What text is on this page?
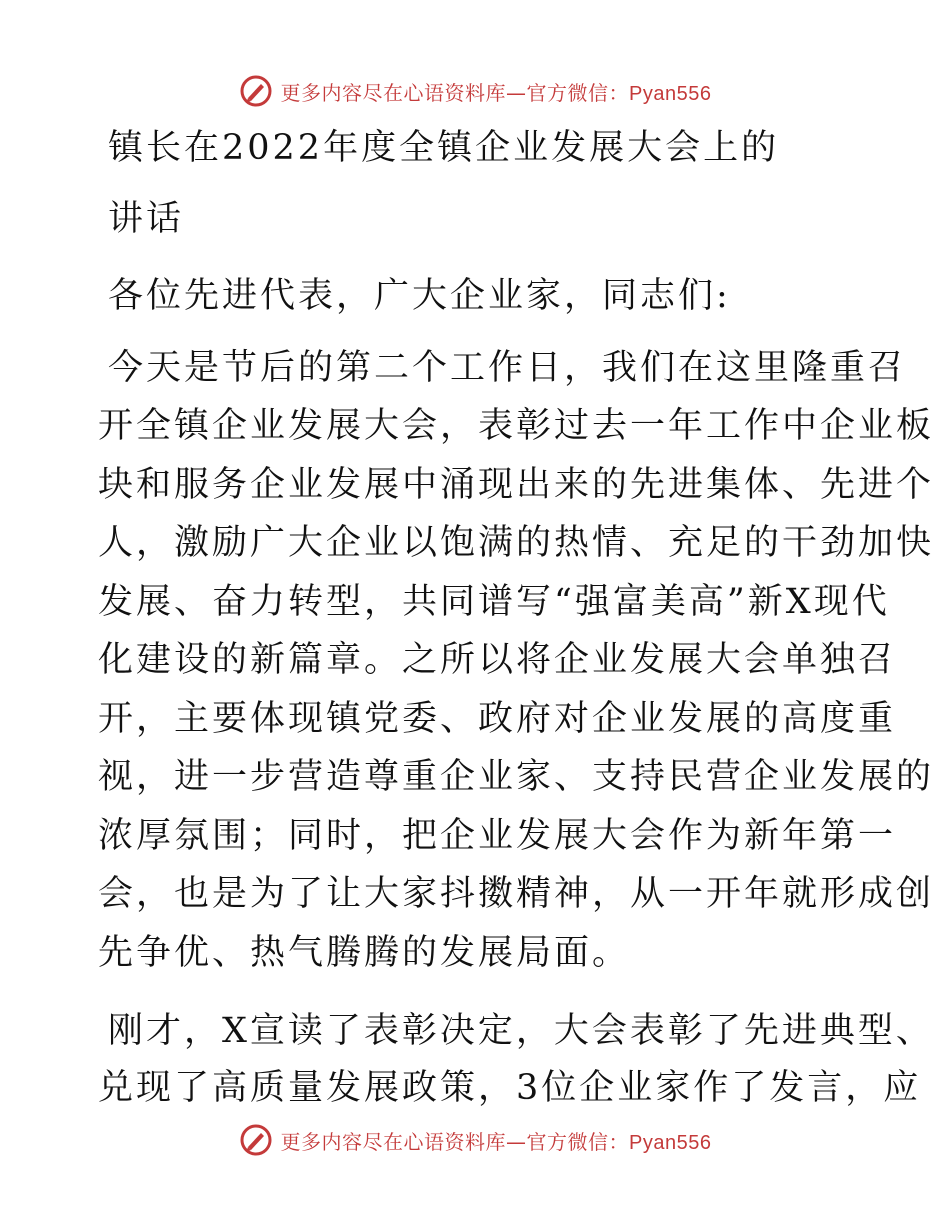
更多内容尽在心语资料库—官方微信：Pyan556
镇长在2022年度全镇企业发展大会上的
讲话
各位先进代表，广大企业家，同志们:
今天是节后的第二个工作日，我们在这里隆重召
开全镇企业发展大会，表彰过去一年工作中企业板
块和服务企业发展中涌现出来的先进集体、先进个
人，激励广大企业以饱满的热情、充足的干劲加快
发展、奋力转型，共同谱写“强富美高”新X现代
化建设的新篇章。之所以将企业发展大会单独召
开，主要体现镇党委、政府对企业发展的高度重
视，进一步营造尊重企业家、支持民营企业发展的
浓厚氛围；同时，把企业发展大会作为新年第一
会，也是为了让大家抖擞精神，从一开年就形成创
先争优、热气腾腾的发展局面。
刚才，X宣读了表彰决定，大会表彰了先进典型、
兑现了高质量发展政策，3位企业家作了发言，应
更多内容尽在心语资料库—官方微信：Pyan556
